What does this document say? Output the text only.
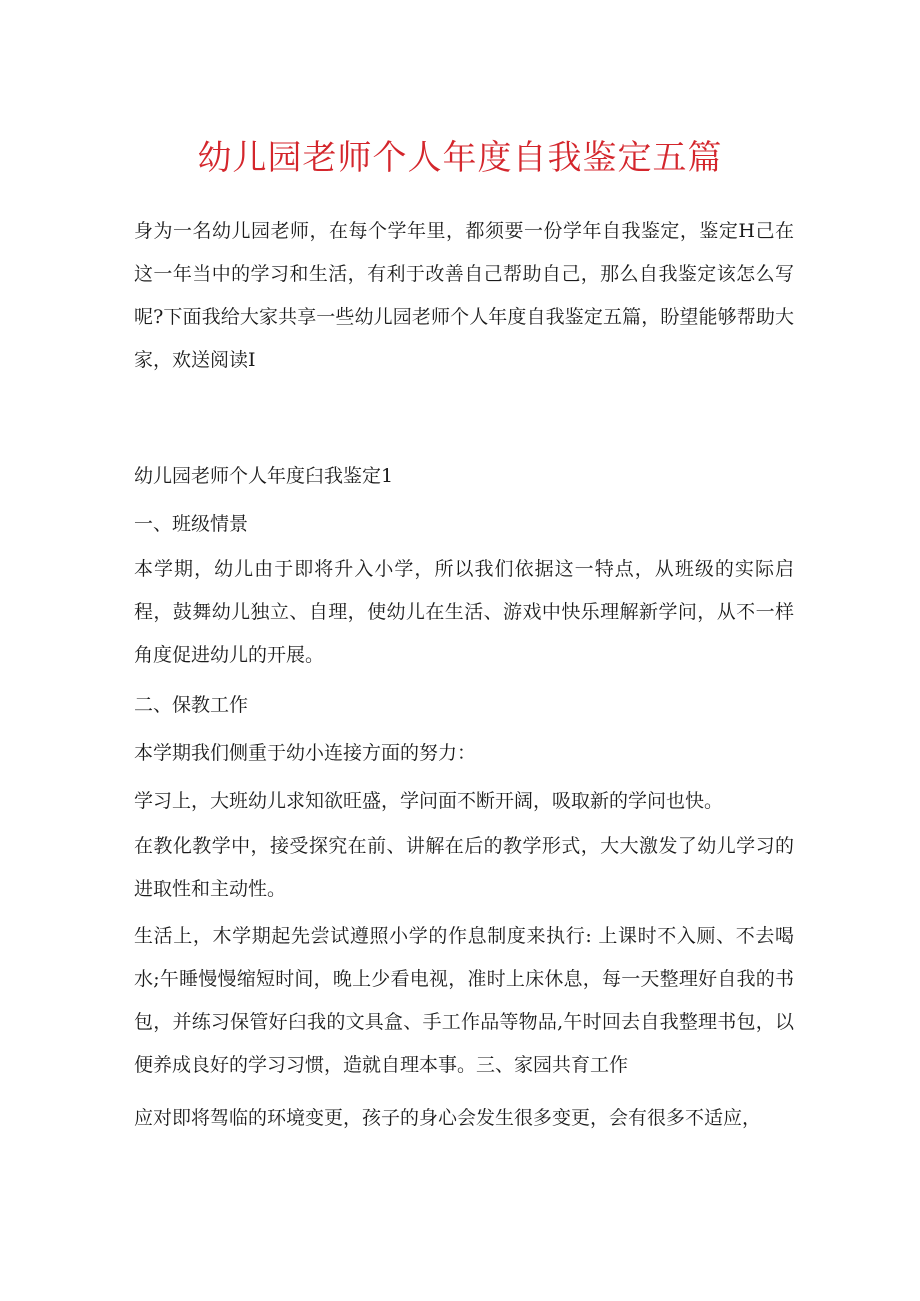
幼儿园老师个人年度自我鉴定五篇
身为一名幼儿园老师，在每个学年里，都须要一份学年自我鉴定，鉴定H己在这一年当中的学习和生活，有利于改善自己帮助自己，那么自我鉴定该怎么写呢?下面我给大家共享一些幼儿园老师个人年度自我鉴定五篇，盼望能够帮助大家，欢送阅读I
幼儿园老师个人年度臼我鉴定1
一、班级情景
本学期，幼儿由于即将升入小学，所以我们依据这一特点，从班级的实际启程，鼓舞幼儿独立、自理，使幼儿在生活、游戏中快乐理解新学问，从不一样角度促进幼儿的开展。
二、保教工作
本学期我们侧重于幼小连接方面的努力：
学习上，大班幼儿求知欲旺盛，学问面不断开阔，吸取新的学问也快。
在教化教学中，接受探究在前、讲解在后的教学形式，大大激发了幼儿学习的进取性和主动性。
生活上，木学期起先尝试遵照小学的作息制度来执行: 上课时不入厕、不去喝水;午睡慢慢缩短时间，晚上少看电视，准时上床休息，每一天整理好自我的书包，并练习保管好臼我的文具盒、手工作品等物品,午时回去自我整理书包，以便养成良好的学习习惯，造就自理本事。三、家园共育工作
应对即将驾临的环境变更，孩子的身心会发生很多变更，会有很多不适应，
